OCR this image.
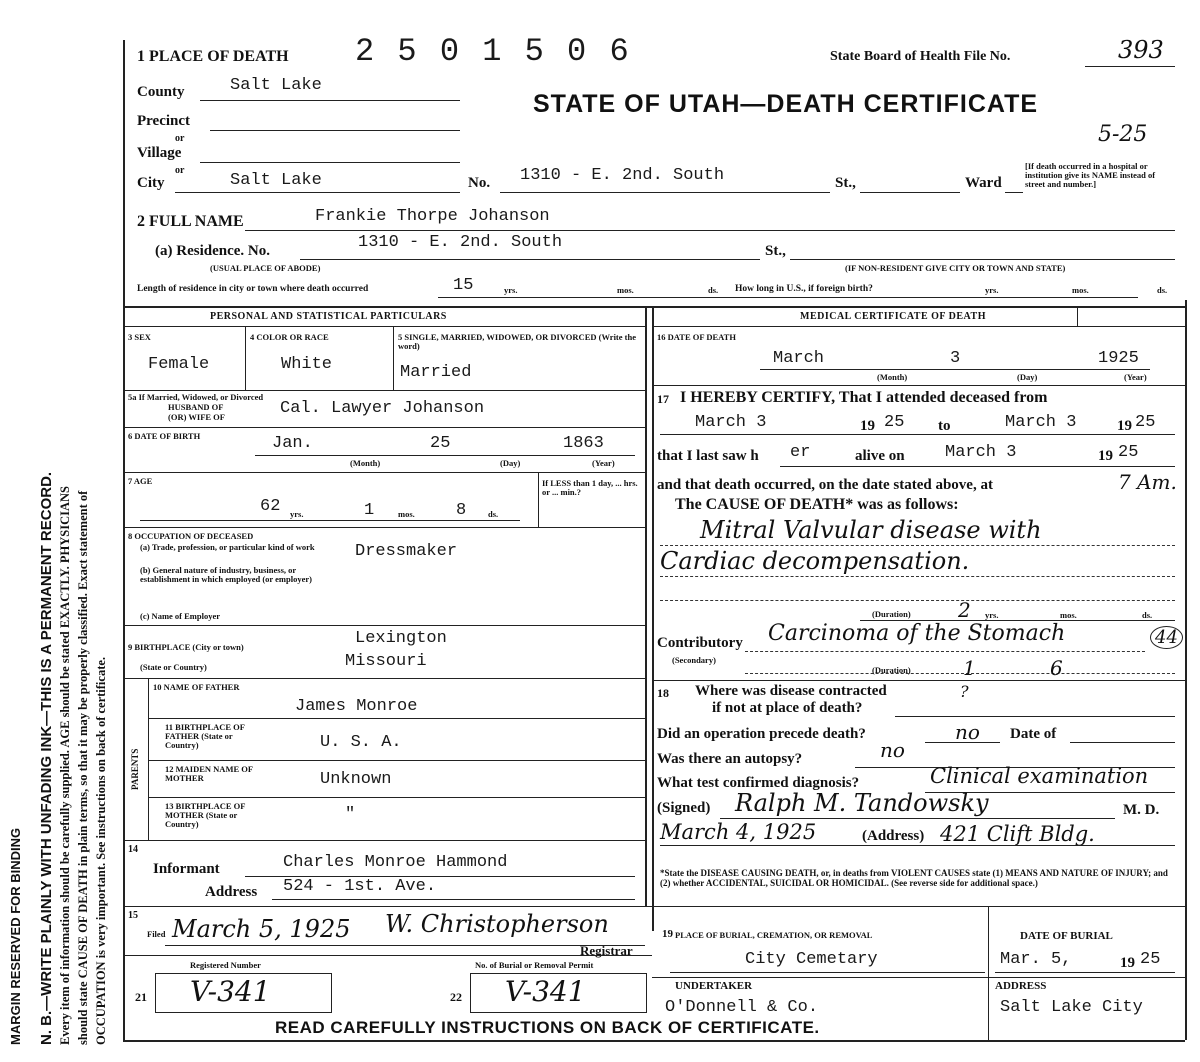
MARGIN RESERVED FOR BINDING N. B.—WRITE PLAINLY WITH UNFADING INK—THIS IS A PERMANENT RECORD. Every item of information should be carefully supplied. AGE should be stated EXACTLY. PHYSICIANS should state CAUSE OF DEATH in plain terms, so that it may be properly classified. Exact statement of OCCUPATION is very important. See instructions on back of certificate.
1 PLACE OF DEATH 2 5 0 1 5 0 6	State Board of Health File No.	393
STATE OF UTAH—DEATH CERTIFICATE
5-25
County	Salt Lake
Precinct
or
Village
or
City	Salt Lake	No. 1310 - E. 2nd. South	St.,	Ward
[If death occurred in a hospital or institution give its NAME instead of street and number.]
2 FULL NAME	Frankie Thorpe Johanson
(a) Residence. No.	1310 - E. 2nd. South	St.,
(USUAL PLACE OF ABODE)	(IF NON-RESIDENT GIVE CITY OR TOWN AND STATE)
Length of residence in city or town where death occurred	15	yrs.	mos.	ds. How long in U.S., if foreign birth?	yrs.	mos.	ds.
PERSONAL AND STATISTICAL PARTICULARS	MEDICAL CERTIFICATE OF DEATH
3 SEX
Female
4 COLOR OR RACE
White
5 SINGLE, MARRIED, WIDOWED, OR DIVORCED (Write the word)
Married
5a If Married, Widowed, or Divorced
HUSBAND OF
(OR) WIFE OF	Cal. Lawyer Johanson
6 DATE OF BIRTH	Jan.	25	1863
(Month)	(Day)	(Year)
7 AGE
62 yrs.	1	mos. 8	ds.
If LESS than 1 day, ... hrs. or ... min.?
8 OCCUPATION OF DECEASED
(a) Trade, profession, or particular kind of work	Dressmaker
(b) General nature of industry, business, or establishment in which employed (or employer)
(c) Name of Employer
9 BIRTHPLACE (City or town)	Lexington
(State or Country)	Missouri
PARENTS
10 NAME OF FATHER
James Monroe
11 BIRTHPLACE OF FATHER (State or Country)	U. S. A.
12 MAIDEN NAME OF MOTHER	Unknown
13 BIRTHPLACE OF MOTHER (State or Country)	"
14
Informant	Charles Monroe Hammond
Address 524 - 1st. Ave.
15
Filed March 5, 1925 W. Christopherson
Registrar
Registered Number	No. of Burial or Removal Permit
21 V-341	22 V-341
16 DATE OF DEATH
March	3	1925
(Month)	(Day)	(Year)
17 I HEREBY CERTIFY, That I attended deceased from
March 3	19 25 to	March 3	19 25
that I last saw h er	alive on March 3	19 25
and that death occurred, on the date stated above, at	7 Am.
The CAUSE OF DEATH* was as follows:
Mitral Valvular disease with
Cardiac decompensation.
(Duration) 2 yrs.	mos.	ds.
Contributory
(Secondary)
Carcinoma of the Stomach	44
(Duration)	1	6
18 Where was disease contracted
if not at place of death?
?
Did an operation precede death?	no Date of
Was there an autopsy?	no
What test confirmed diagnosis?	Clinical examination
(Signed) Ralph M. Tandowsky	M. D.
March 4, 1925	(Address) 421 Clift Bldg.
*State the DISEASE CAUSING DEATH, or, in deaths from VIOLENT CAUSES state (1) MEANS AND NATURE OF INJURY; and (2) whether ACCIDENTAL, SUICIDAL OR HOMICIDAL. (See reverse side for additional space.)
PLACE OF BURIAL, CREMATION, OR REMOVAL
19
City Cemetary
DATE OF BURIAL
Mar. 5,	19 25
UNDERTAKER
O'Donnell & Co.
ADDRESS
Salt Lake City
READ CAREFULLY INSTRUCTIONS ON BACK OF CERTIFICATE.
